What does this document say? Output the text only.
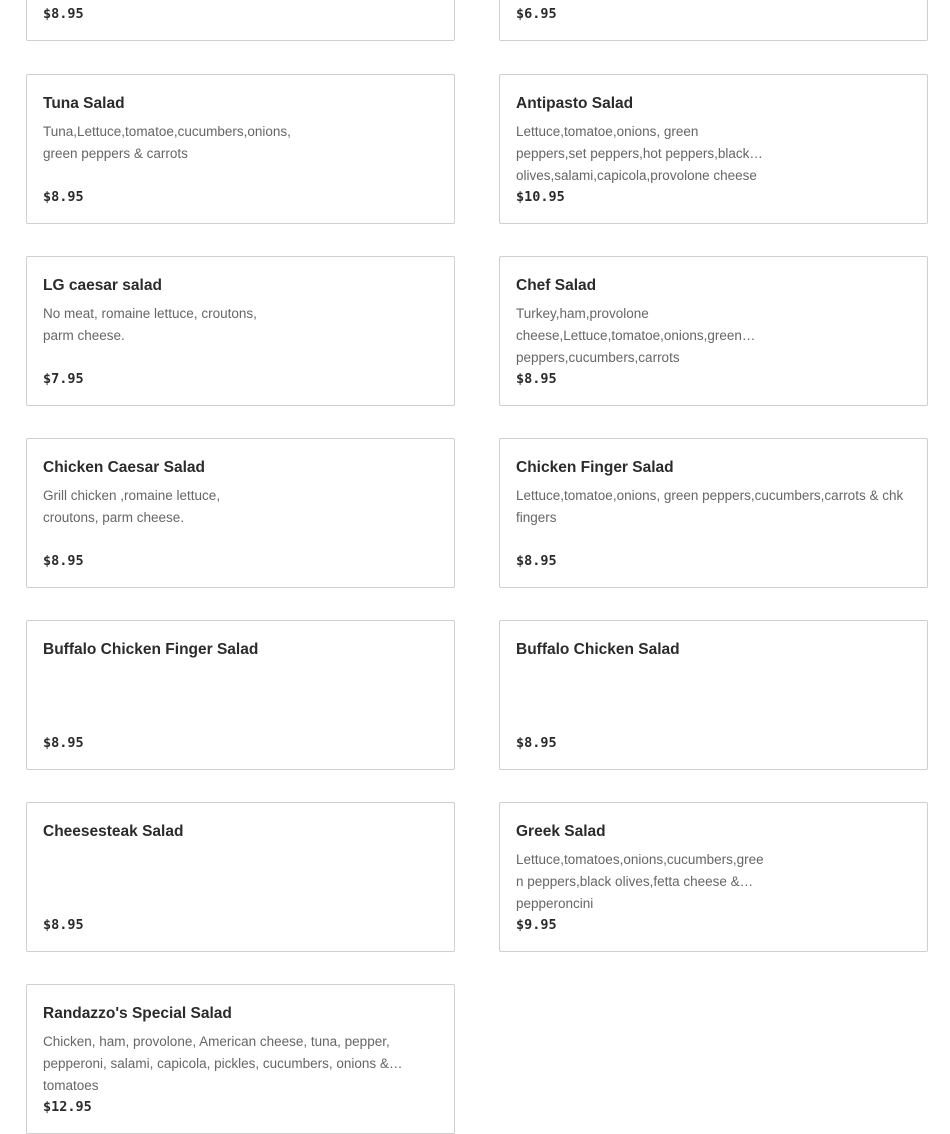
$8.95	$6.95
Tuna Salad
Tuna,Lettuce,tomatoe,cucumbers,onions,green peppers & carrots
$8.95
Antipasto Salad
Lettuce,tomatoe,onions, green peppers,set peppers,hot peppers,black olives,salami,capicola,provolone cheese
$10.95
LG caesar salad
No meat, romaine lettuce, croutons, parm cheese.
$7.95
Chef Salad
Turkey,ham,provolone cheese,Lettuce,tomatoe,onions,green peppers,cucumbers,carrots
$8.95
Chicken Caesar Salad
Grill chicken ,romaine lettuce, croutons, parm cheese.
$8.95
Chicken Finger Salad
Lettuce,tomatoe,onions, green peppers,cucumbers,carrots & chk fingers
$8.95
Buffalo Chicken Finger Salad
$8.95
Buffalo Chicken Salad
$8.95
Cheesesteak Salad
$8.95
Greek Salad
Lettuce,tomatoes,onions,cucumbers,green peppers,black olives,fetta cheese & pepperoncini
$9.95
Randazzo's Special Salad
Chicken, ham, provolone, American cheese, tuna, pepper, pepperoni, salami, capicola, pickles, cucumbers, onions & tomatoes
$12.95
